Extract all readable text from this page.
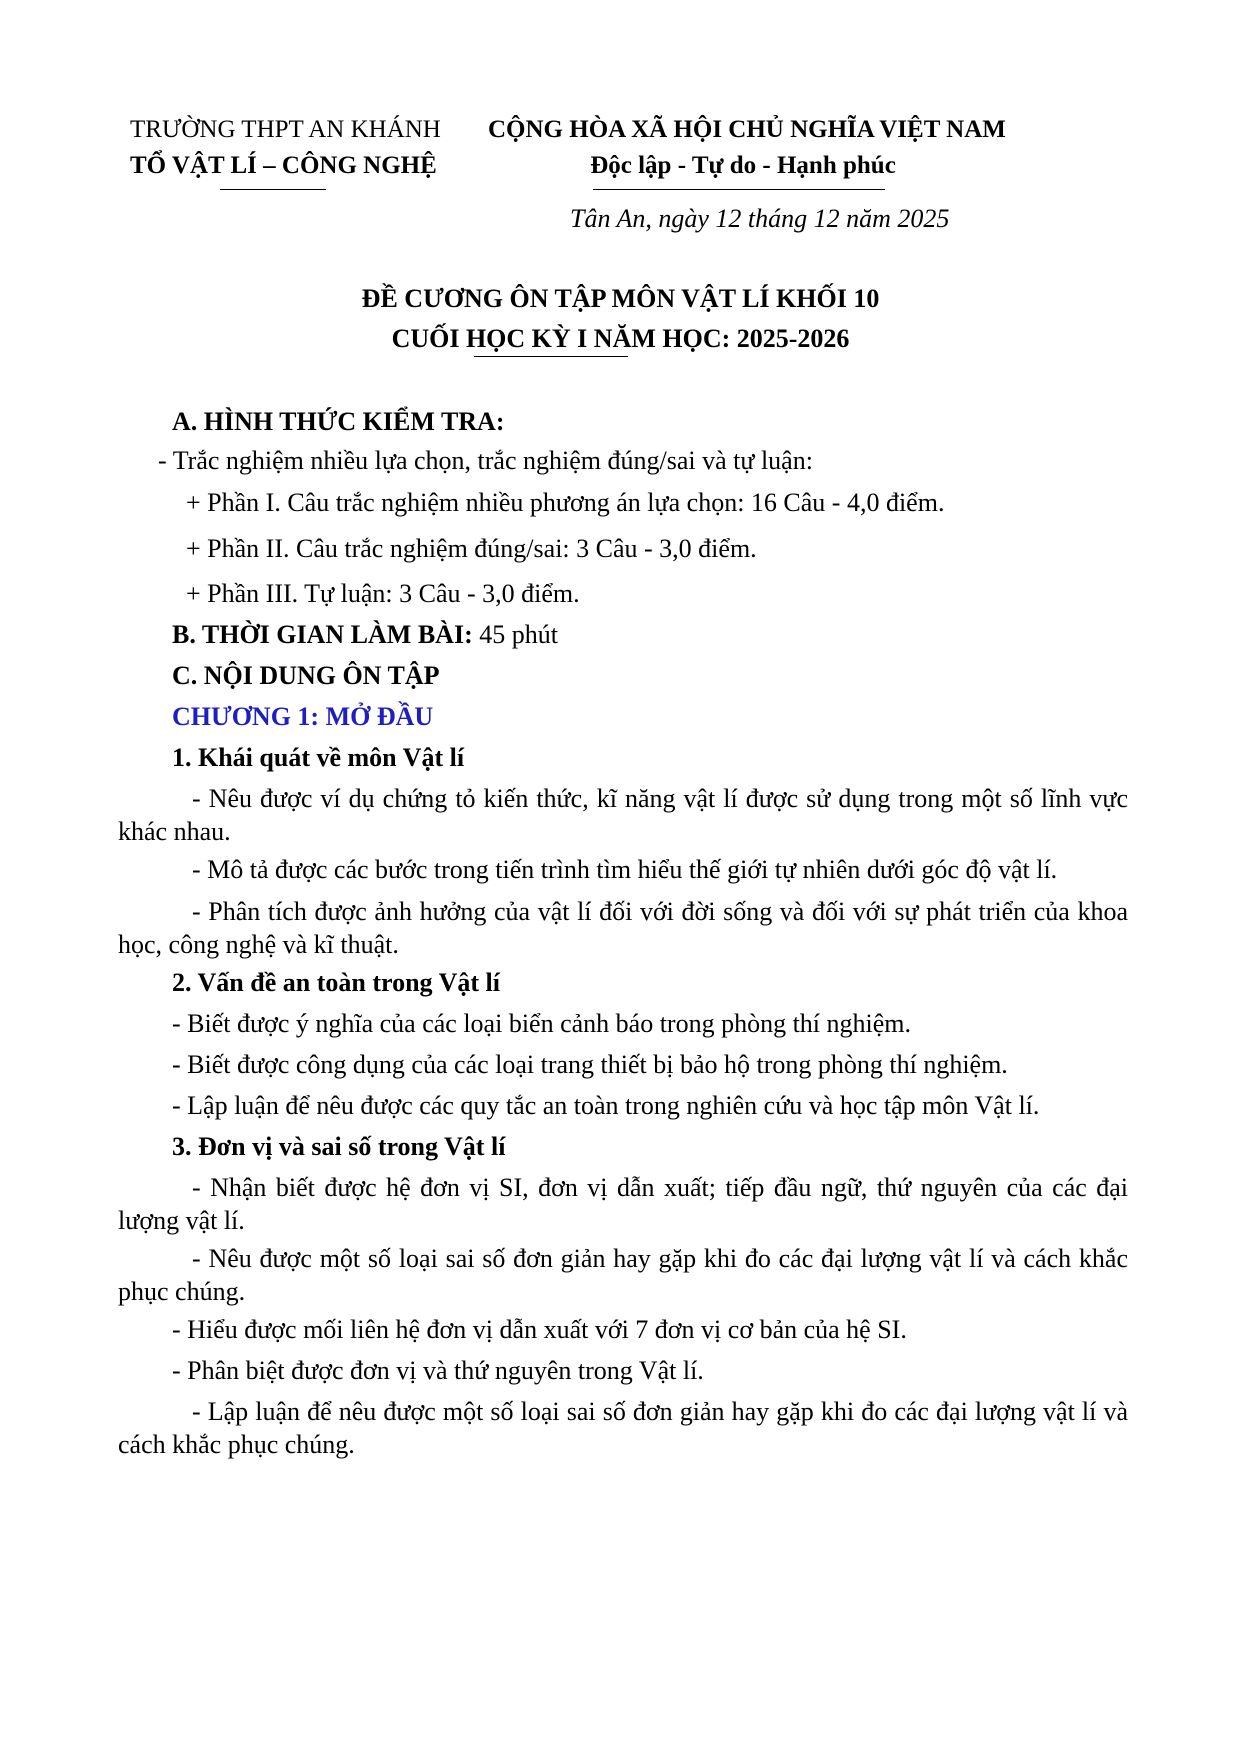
TRƯỜNG THPT AN KHÁNH
TỔ VẬT LÍ – CÔNG NGHỆ
CỘNG HÒA XÃ HỘI CHỦ NGHĨA VIỆT NAM
Độc lập - Tự do - Hạnh phúc
Tân An, ngày 12 tháng 12 năm 2025
ĐỀ CƯƠNG ÔN TẬP MÔN VẬT LÍ KHỐI 10
CUỐI HỌC KỲ I NĂM HỌC: 2025-2026
A. HÌNH THỨC KIỂM TRA:
- Trắc nghiệm nhiều lựa chọn, trắc nghiệm đúng/sai và tự luận:
+ Phần I. Câu trắc nghiệm nhiều phương án lựa chọn: 16 Câu - 4,0 điểm.
+ Phần II. Câu trắc nghiệm đúng/sai: 3 Câu - 3,0 điểm.
+ Phần III. Tự luận: 3 Câu - 3,0 điểm.
B. THỜI GIAN LÀM BÀI: 45 phút
C. NỘI DUNG ÔN TẬP
CHƯƠNG 1: MỞ ĐẦU
1. Khái quát về môn Vật lí

- Nêu được ví dụ chứng tỏ kiến thức, kĩ năng vật lí được sử dụng trong một số lĩnh vực khác nhau.

- Mô tả được các bước trong tiến trình tìm hiểu thế giới tự nhiên dưới góc độ vật lí.

- Phân tích được ảnh hưởng của vật lí đối với đời sống và đối với sự phát triển của khoa học, công nghệ và kĩ thuật.

2. Vấn đề an toàn trong Vật lí
- Biết được ý nghĩa của các loại biển cảnh báo trong phòng thí nghiệm.
- Biết được công dụng của các loại trang thiết bị bảo hộ trong phòng thí nghiệm.
- Lập luận để nêu được các quy tắc an toàn trong nghiên cứu và học tập môn Vật lí.
3. Đơn vị và sai số trong Vật lí

- Nhận biết được hệ đơn vị SI, đơn vị dẫn xuất; tiếp đầu ngữ, thứ nguyên của các đại lượng vật lí.

- Nêu được một số loại sai số đơn giản hay gặp khi đo các đại lượng vật lí và cách khắc phục chúng.

- Hiểu được mối liên hệ đơn vị dẫn xuất với 7 đơn vị cơ bản của hệ SI.
- Phân biệt được đơn vị và thứ nguyên trong Vật lí.

- Lập luận để nêu được một số loại sai số đơn giản hay gặp khi đo các đại lượng vật lí và cách khắc phục chúng.
